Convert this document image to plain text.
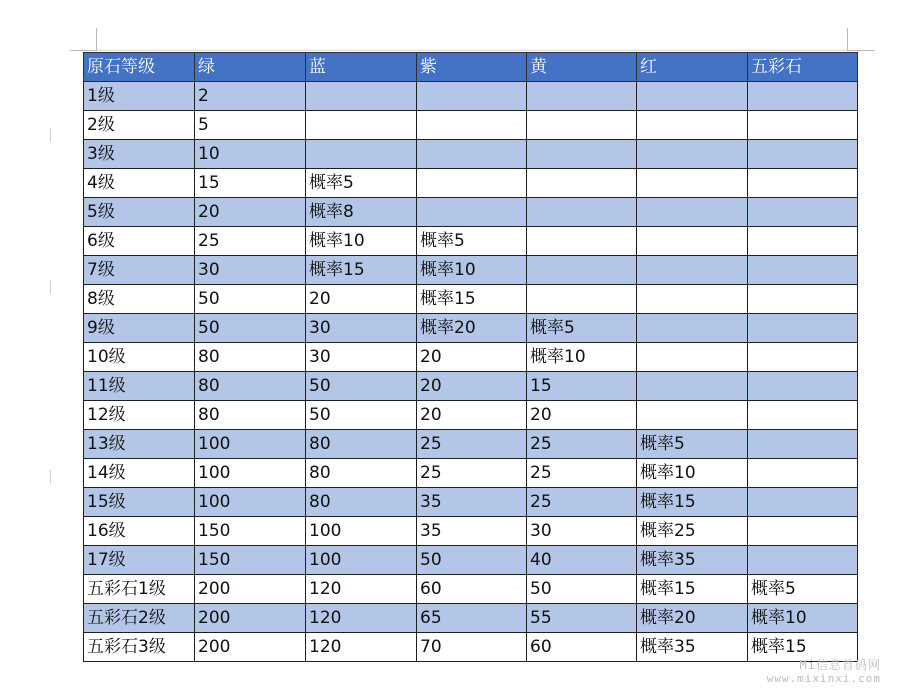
原石等级	绿	蓝	紫	黄	红	五彩石
1级	2					
2级	5					
3级	10					
4级	15	概率5				
5级	20	概率8				
6级	25	概率10	概率5			
7级	30	概率15	概率10			
8级	50	20	概率15			
9级	50	30	概率20	概率5		
10级	80	30	20	概率10		
11级	80	50	20	15		
12级	80	50	20	20		
13级	100	80	25	25	概率5	
14级	100	80	25	25	概率10	
15级	100	80	35	25	概率15	
16级	150	100	35	30	概率25	
17级	150	100	50	40	概率35	
五彩石1级	200	120	60	50	概率15	概率5
五彩石2级	200	120	65	55	概率20	概率10
五彩石3级	200	120	70	60	概率35	概率15
Mi信息首码网
www.mixinxi.com
